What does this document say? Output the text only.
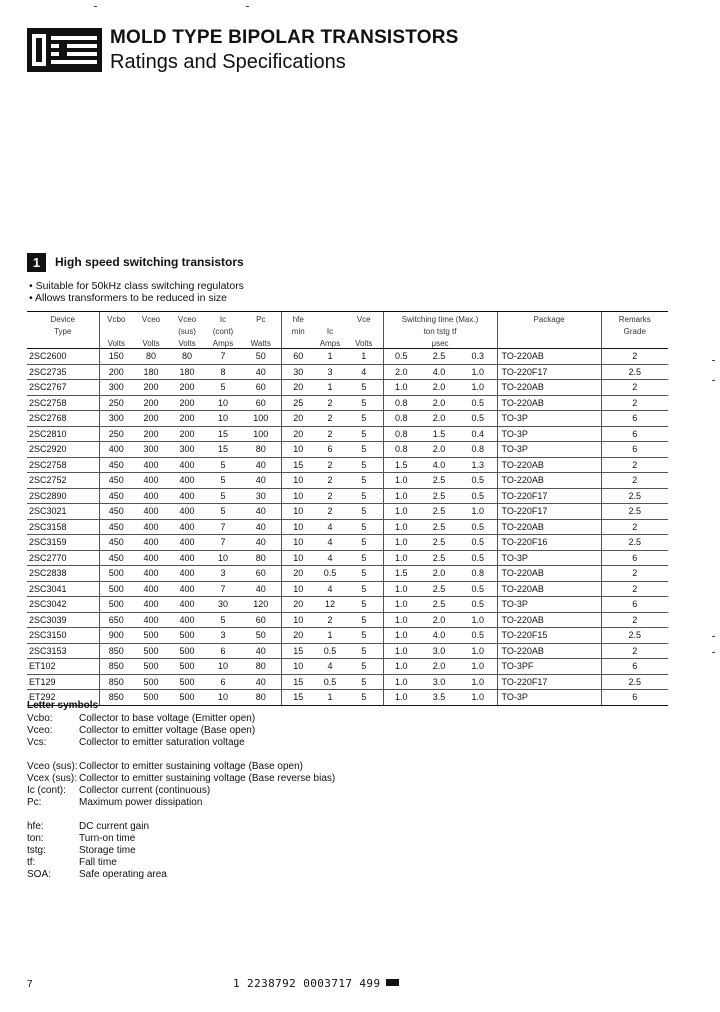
MOLD TYPE BIPOLAR TRANSISTORS
Ratings and Specifications
1	High speed switching transistors
• Suitable for 50kHz class switching regulators
• Allows transformers to be reduced in size
Device	Vcbo	Vceo	Vceo	Ic	Pc	hfe		Vce	Switching time (Max.)			Package	Remarks
Type			(sus)	(cont)		min	Ic		ton tstg tf				Grade
	Volts	Volts	Volts	Amps	Watts		Amps	Volts	μsec				
2SC2600	150	80	80	7	50	60	1	1	0.5	2.5	0.3	TO-220AB	2
2SC2735	200	180	180	8	40	30	3	4	2.0	4.0	1.0	TO-220F17	2.5
2SC2767	300	200	200	5	60	20	1	5	1.0	2.0	1.0	TO-220AB	2
2SC2758	250	200	200	10	60	25	2	5	0.8	2.0	0.5	TO-220AB	2
2SC2768	300	200	200	10	100	20	2	5	0.8	2.0	0.5	TO-3P	6
2SC2810	250	200	200	15	100	20	2	5	0.8	1.5	0.4	TO-3P	6
2SC2920	400	300	300	15	80	10	6	5	0.8	2.0	0.8	TO-3P	6
2SC2758	450	400	400	5	40	15	2	5	1.5	4.0	1.3	TO-220AB	2
2SC2752	450	400	400	5	40	10	2	5	1.0	2.5	0.5	TO-220AB	2
2SC2890	450	400	400	5	30	10	2	5	1.0	2.5	0.5	TO-220F17	2.5
2SC3021	450	400	400	5	40	10	2	5	1.0	2.5	1.0	TO-220F17	2.5
2SC3158	450	400	400	7	40	10	4	5	1.0	2.5	0.5	TO-220AB	2
2SC3159	450	400	400	7	40	10	4	5	1.0	2.5	0.5	TO-220F16	2.5
2SC2770	450	400	400	10	80	10	4	5	1.0	2.5	0.5	TO-3P	6
2SC2838	500	400	400	3	60	20	0.5	5	1.5	2.0	0.8	TO-220AB	2
2SC3041	500	400	400	7	40	10	4	5	1.0	2.5	0.5	TO-220AB	2
2SC3042	500	400	400	30	120	20	12	5	1.0	2.5	0.5	TO-3P	6
2SC3039	650	400	400	5	60	10	2	5	1.0	2.0	1.0	TO-220AB	2
2SC3150	900	500	500	3	50	20	1	5	1.0	4.0	0.5	TO-220F15	2.5
2SC3153	850	500	500	6	40	15	0.5	5	1.0	3.0	1.0	TO-220AB	2
ET102	850	500	500	10	80	10	4	5	1.0	2.0	1.0	TO-3PF	6
ET129	850	500	500	6	40	15	0.5	5	1.0	3.0	1.0	TO-220F17	2.5
ET292	850	500	500	10	80	15	1	5	1.0	3.5	1.0	TO-3P	6
Letter symbols
Vcbo:	Collector to base voltage (Emitter open)
Vceo:	Collector to emitter voltage (Base open)
Vcs:	Collector to emitter saturation voltage
Vceo (sus): Collector to emitter sustaining voltage (Base open)
Vcex (sus): Collector to emitter sustaining voltage (Base reverse bias)
Ic (cont):	Collector current (continuous)
Pc:	Maximum power dissipation
hfe:	DC current gain
ton:	Turn-on time
tstg:	Storage time
tf:	Fall time
SOA:	Safe operating area
7	1 2238792 0003717 499
